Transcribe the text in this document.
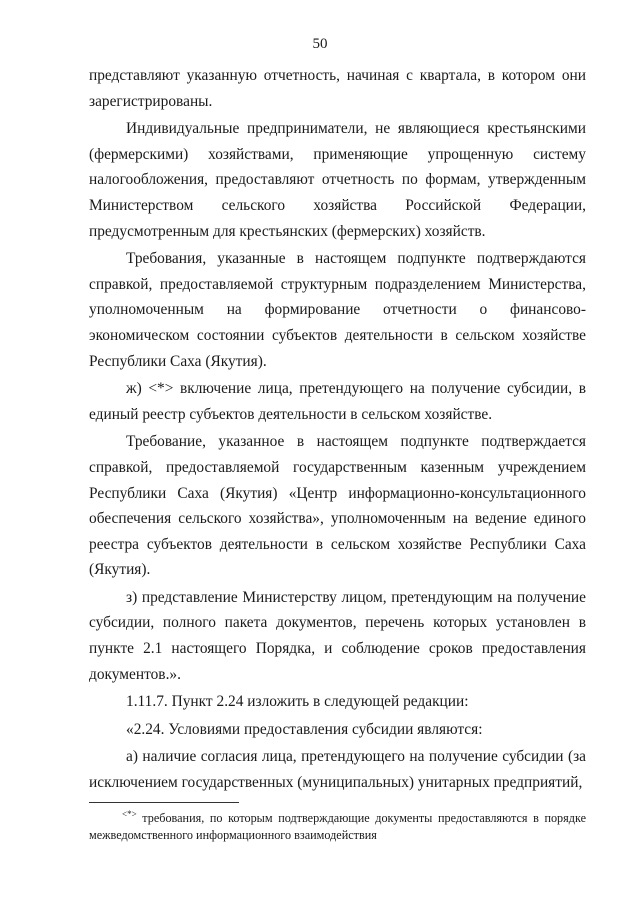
50

представляют указанную отчетность, начиная с квартала, в котором они зарегистрированы.

Индивидуальные предприниматели, не являющиеся крестьянскими (фермерскими) хозяйствами, применяющие упрощенную систему налогообложения, предоставляют отчетность по формам, утвержденным Министерством сельского хозяйства Российской Федерации, предусмотренным для крестьянских (фермерских) хозяйств.

Требования, указанные в настоящем подпункте подтверждаются справкой, предоставляемой структурным подразделением Министерства, уполномоченным на формирование отчетности о финансово-экономическом состоянии субъектов деятельности в сельском хозяйстве Республики Саха (Якутия).

ж) <*> включение лица, претендующего на получение субсидии, в единый реестр субъектов деятельности в сельском хозяйстве.

Требование, указанное в настоящем подпункте подтверждается справкой, предоставляемой государственным казенным учреждением Республики Саха (Якутия) «Центр информационно-консультационного обеспечения сельского хозяйства», уполномоченным на ведение единого реестра субъектов деятельности в сельском хозяйстве Республики Саха (Якутия).

з) представление Министерству лицом, претендующим на получение субсидии, полного пакета документов, перечень которых установлен в пункте 2.1 настоящего Порядка, и соблюдение сроков предоставления документов.».

1.11.7. Пункт 2.24 изложить в следующей редакции:

«2.24. Условиями предоставления субсидии являются:

а) наличие согласия лица, претендующего на получение субсидии (за исключением государственных (муниципальных) унитарных предприятий,

<*> требования, по которым подтверждающие документы предоставляются в порядке межведомственного информационного взаимодействия
